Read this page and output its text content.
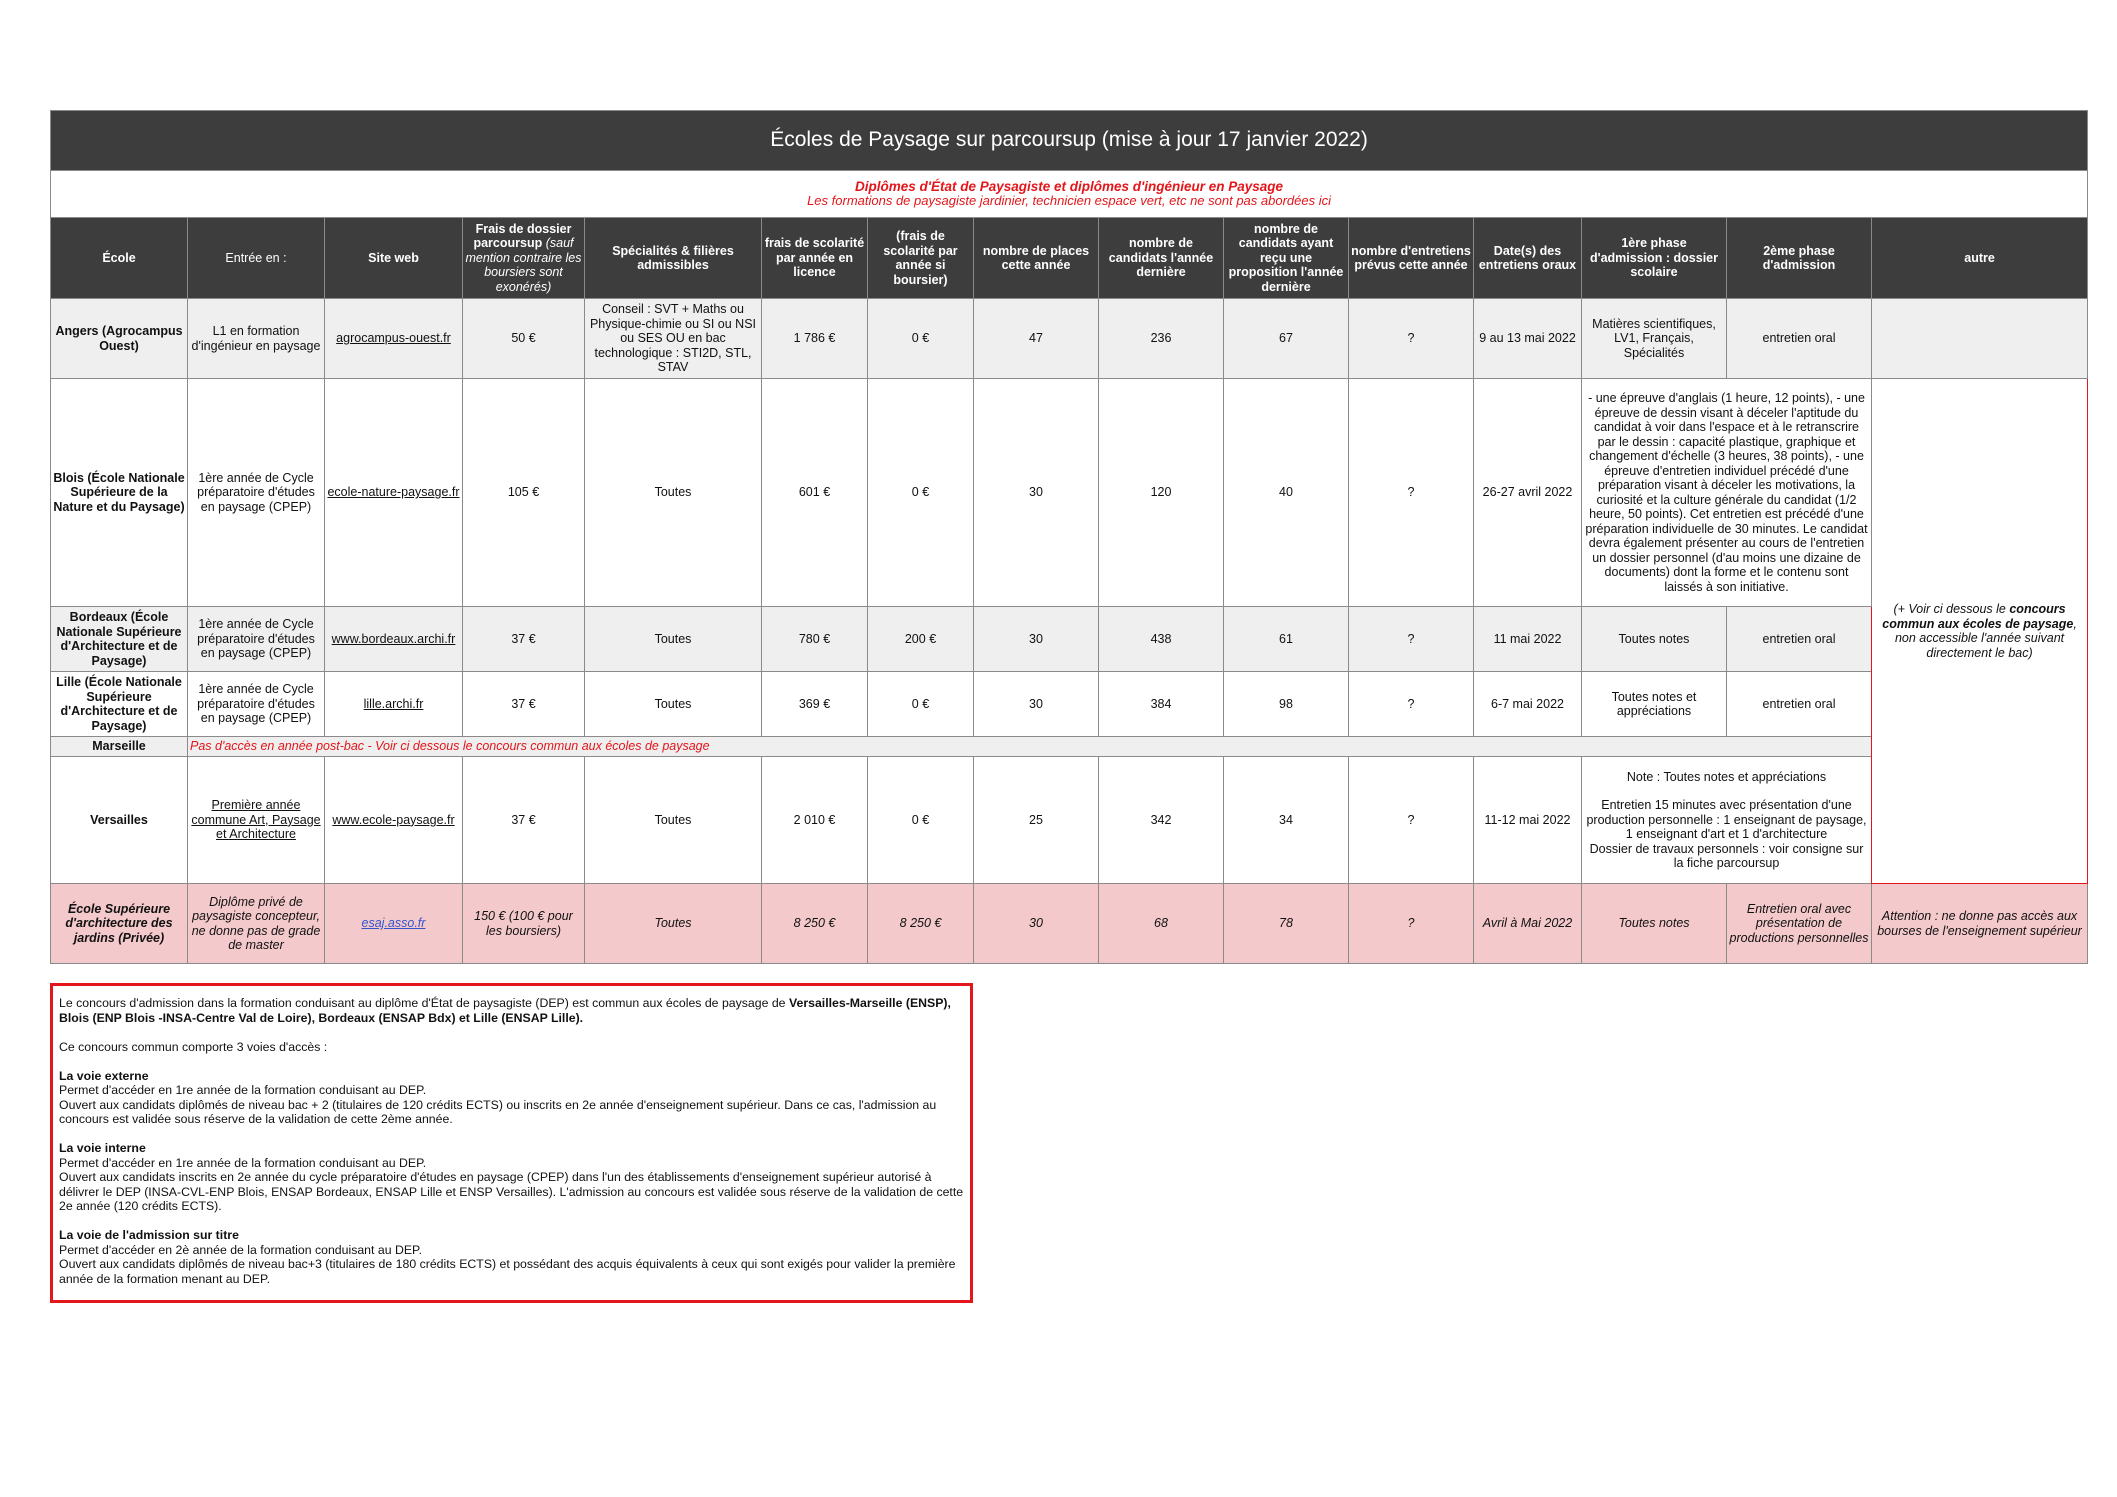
Écoles de Paysage sur parcoursup (mise à jour 17 janvier 2022)														

Diplômes d'État de Paysagiste et diplômes d'ingénieur en Paysage
Les formations de paysagiste jardinier, technicien espace vert, etc ne sont pas abordées ici														

École	Entrée en :	Site web	Frais de dossier parcoursup (sauf mention contraire les boursiers sont exonérés)	Spécialités & filières admissibles	frais de scolarité par année en licence	(frais de scolarité par année si boursier)	nombre de places cette année	nombre de candidats l'année dernière	nombre de candidats ayant reçu une proposition l'année dernière	nombre d'entretiens prévus cette année	Date(s) des entretiens oraux	1ère phase d'admission : dossier scolaire	2ème phase d'admission	autre
Angers (Agrocampus Ouest)	L1 en formation d'ingénieur en paysage	agrocampus-ouest.fr	50 €	Conseil : SVT + Maths ou Physique-chimie ou SI ou NSI ou SES OU en bac technologique : STI2D, STL, STAV	1 786 €	0 €	47	236	67	?	9 au 13 mai 2022	Matières scientifiques, LV1, Français, Spécialités	entretien oral	
Blois (École Nationale Supérieure de la Nature et du Paysage)	1ère année de Cycle préparatoire d'études en paysage (CPEP)	ecole-nature-paysage.fr	105 €	Toutes	601 €	0 €	30	120	40	?	26-27 avril 2022	- une épreuve d'anglais (1 heure, 12 points), - une épreuve de dessin visant à déceler l'aptitude du candidat à voir dans l'espace et à le retranscrire par le dessin : capacité plastique, graphique et changement d'échelle (3 heures, 38 points), - une épreuve d'entretien individuel précédé d'une préparation visant à déceler les motivations, la curiosité et la culture générale du candidat (1/2 heure, 50 points). Cet entretien est précédé d'une préparation individuelle de 30 minutes. Le candidat devra également présenter au cours de l'entretien un dossier personnel (d'au moins une dizaine de documents) dont la forme et le contenu sont laissés à son initiative.		(+ Voir ci dessous le concours commun aux écoles de paysage, non accessible l'année suivant directement le bac)
Bordeaux (École Nationale Supérieure d'Architecture et de Paysage)	1ère année de Cycle préparatoire d'études en paysage (CPEP)	www.bordeaux.archi.fr	37 €	Toutes	780 €	200 €	30	438	61	?	11 mai 2022	Toutes notes	entretien oral	
Lille (École Nationale Supérieure d'Architecture et de Paysage)	1ère année de Cycle préparatoire d'études en paysage (CPEP)	lille.archi.fr	37 €	Toutes	369 €	0 €	30	384	98	?	6-7 mai 2022	Toutes notes et appréciations	entretien oral	
Marseille	Pas d'accès en année post-bac - Voir ci dessous le concours commun aux écoles de paysage													
Versailles	Première année commune Art, Paysage et Architecture	www.ecole-paysage.fr	37 €	Toutes	2 010 €	0 €	25	342	34	?	11-12 mai 2022	Note : Toutes notes et appréciations
Entretien 15 minutes avec présentation d'une production personnelle : 1 enseignant de paysage, 1 enseignant d'art et 1 d'architecture
Dossier de travaux personnels : voir consigne sur la fiche parcoursup		

École Supérieure d'architecture des jardins (Privée)	Diplôme privé de paysagiste concepteur, ne donne pas de grade de master	esaj.asso.fr	150 € (100 € pour les boursiers)	Toutes	8 250 €	8 250 €	30	68	78	?	Avril à Mai 2022	Toutes notes	Entretien oral avec présentation de productions personnelles	Attention : ne donne pas accès aux bourses de l'enseignement supérieur

Le concours d'admission dans la formation conduisant au diplôme d'État de paysagiste (DEP) est commun aux écoles de paysage de Versailles-Marseille (ENSP), Blois (ENP Blois -INSA-Centre Val de Loire), Bordeaux (ENSAP Bdx) et Lille (ENSAP Lille).

Ce concours commun comporte 3 voies d'accès :

La voie externe
Permet d'accéder en 1re année de la formation conduisant au DEP.
Ouvert aux candidats diplômés de niveau bac + 2 (titulaires de 120 crédits ECTS) ou inscrits en 2e année d'enseignement supérieur. Dans ce cas, l'admission au concours est validée sous réserve de la validation de cette 2ème année.

La voie interne
Permet d'accéder en 1re année de la formation conduisant au DEP.
Ouvert aux candidats inscrits en 2e année du cycle préparatoire d'études en paysage (CPEP) dans l'un des établissements d'enseignement supérieur autorisé à délivrer le DEP (INSA-CVL-ENP Blois, ENSAP Bordeaux, ENSAP Lille et ENSP Versailles). L'admission au concours est validée sous réserve de la validation de cette 2e année (120 crédits ECTS).

La voie de l'admission sur titre
Permet d'accéder en 2è année de la formation conduisant au DEP.
Ouvert aux candidats diplômés de niveau bac+3 (titulaires de 180 crédits ECTS) et possédant des acquis équivalents à ceux qui sont exigés pour valider la première année de la formation menant au DEP.
